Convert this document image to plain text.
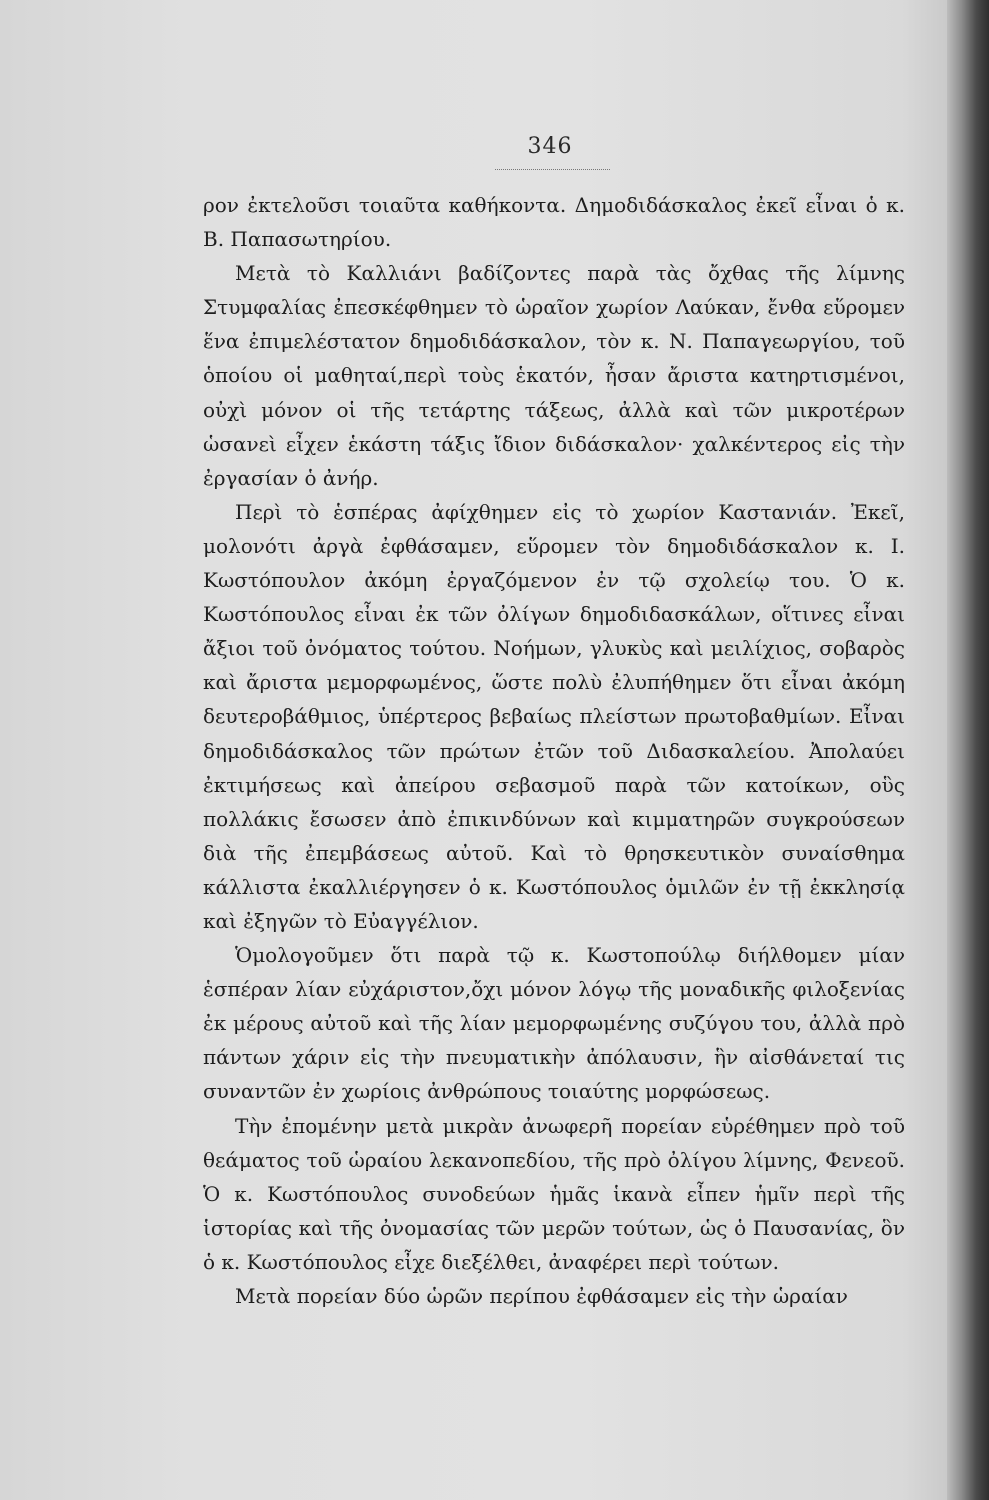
346

ρον ἐκτελοῦσι τοιαῦτα καθήκοντα. Δημοδιδάσκαλος ἐκεῖ εἶναι ὁ κ. Β. Παπασωτηρίου.

Μετὰ τὸ Καλλιάνι βαδίζοντες παρὰ τὰς ὄχθας τῆς λίμνης Στυμφαλίας ἐπεσκέφθημεν τὸ ὡραῖον χωρίον Λαύκαν, ἔνθα εὕρομεν ἕνα ἐπιμελέστατον δημοδιδάσκαλον, τὸν κ. Ν. Παπαγεωργίου, τοῦ ὁποίου οἱ μαθηταί,περὶ τοὺς ἑκατόν, ἦσαν ἄριστα κατηρτισμένοι, οὐχὶ μόνον οἱ τῆς τετάρτης τάξεως, ἀλλὰ καὶ τῶν μικροτέρων ὡσανεὶ εἶχεν ἑκάστη τάξις ἴδιον διδάσκαλον· χαλκέντερος εἰς τὴν ἐργασίαν ὁ ἀνήρ.

Περὶ τὸ ἑσπέρας ἀφίχθημεν εἰς τὸ χωρίον Καστανιάν. Ἐκεῖ, μολονότι ἀργὰ ἐφθάσαμεν, εὕρομεν τὸν δημοδιδάσκαλον κ. Ι. Κωστόπουλον ἀκόμη ἐργαζόμενον ἐν τῷ σχολείῳ του. Ὁ κ. Κωστόπουλος εἶναι ἐκ τῶν ὀλίγων δημοδιδασκάλων, οἵτινες εἶναι ἄξιοι τοῦ ὀνόματος τούτου. Νοήμων, γλυκὺς καὶ μειλίχιος, σοβαρὸς καὶ ἄριστα μεμορφωμένος, ὥστε πολὺ ἐλυπήθημεν ὅτι εἶναι ἀκόμη δευτεροβάθμιος, ὑπέρτερος βεβαίως πλείστων πρωτοβαθμίων. Εἶναι δημοδιδάσκαλος τῶν πρώτων ἐτῶν τοῦ Διδασκαλείου. Ἀπολαύει ἐκτιμήσεως καὶ ἀπείρου σεβασμοῦ παρὰ τῶν κατοίκων, οὓς πολλάκις ἔσωσεν ἀπὸ ἐπικινδύνων καὶ κιμματηρῶν συγκρούσεων διὰ τῆς ἐπεμβάσεως αὐτοῦ. Καὶ τὸ θρησκευτικὸν συναίσθημα κάλλιστα ἐκαλλιέργησεν ὁ κ. Κωστόπουλος ὁμιλῶν ἐν τῇ ἐκκλησίᾳ καὶ ἐξηγῶν τὸ Εὐαγγέλιον.

Ὁμολογοῦμεν ὅτι παρὰ τῷ κ. Κωστοπούλῳ διήλθομεν μίαν ἑσπέραν λίαν εὐχάριστον,ὄχι μόνον λόγῳ τῆς μοναδικῆς φιλοξενίας ἐκ μέρους αὐτοῦ καὶ τῆς λίαν μεμορφωμένης συζύγου του, ἀλλὰ πρὸ πάντων χάριν εἰς τὴν πνευματικὴν ἀπόλαυσιν, ἣν αἰσθάνεταί τις συναντῶν ἐν χωρίοις ἀνθρώπους τοιαύτης μορφώσεως.

Τὴν ἐπομένην μετὰ μικρὰν ἀνωφερῆ πορείαν εὑρέθημεν πρὸ τοῦ θεάματος τοῦ ὡραίου λεκανοπεδίου, τῆς πρὸ ὀλίγου λίμνης, Φενεοῦ. Ὁ κ. Κωστόπουλος συνοδεύων ἡμᾶς ἱκανὰ εἶπεν ἡμῖν περὶ τῆς ἱστορίας καὶ τῆς ὀνομασίας τῶν μερῶν τούτων, ὡς ὁ Παυσανίας, ὃν ὁ κ. Κωστόπουλος εἶχε διεξέλθει, ἀναφέρει περὶ τούτων.

Μετὰ πορείαν δύο ὡρῶν περίπου ἐφθάσαμεν εἰς τὴν ὡραίαν
